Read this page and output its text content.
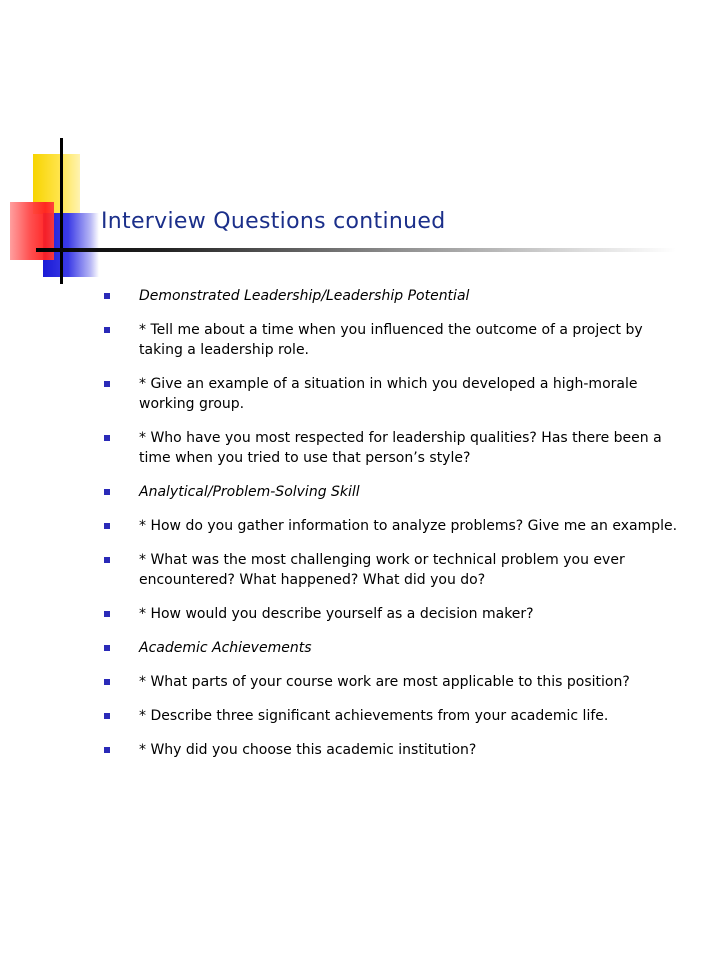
Interview Questions continued
Demonstrated Leadership/Leadership Potential
* Tell me about a time when you influenced the outcome of a project by taking a leadership role.
* Give an example of a situation in which you developed a high-morale working group.
* Who have you most respected for leadership qualities? Has there been a time when you tried to use that person’s style?
Analytical/Problem-Solving Skill
* How do you gather information to analyze problems? Give me an example.
* What was the most challenging work or technical problem you ever encountered? What happened? What did you do?
* How would you describe yourself as a decision maker?
Academic Achievements
* What parts of your course work are most applicable to this position?
* Describe three significant achievements from your academic life.
* Why did you choose this academic institution?
